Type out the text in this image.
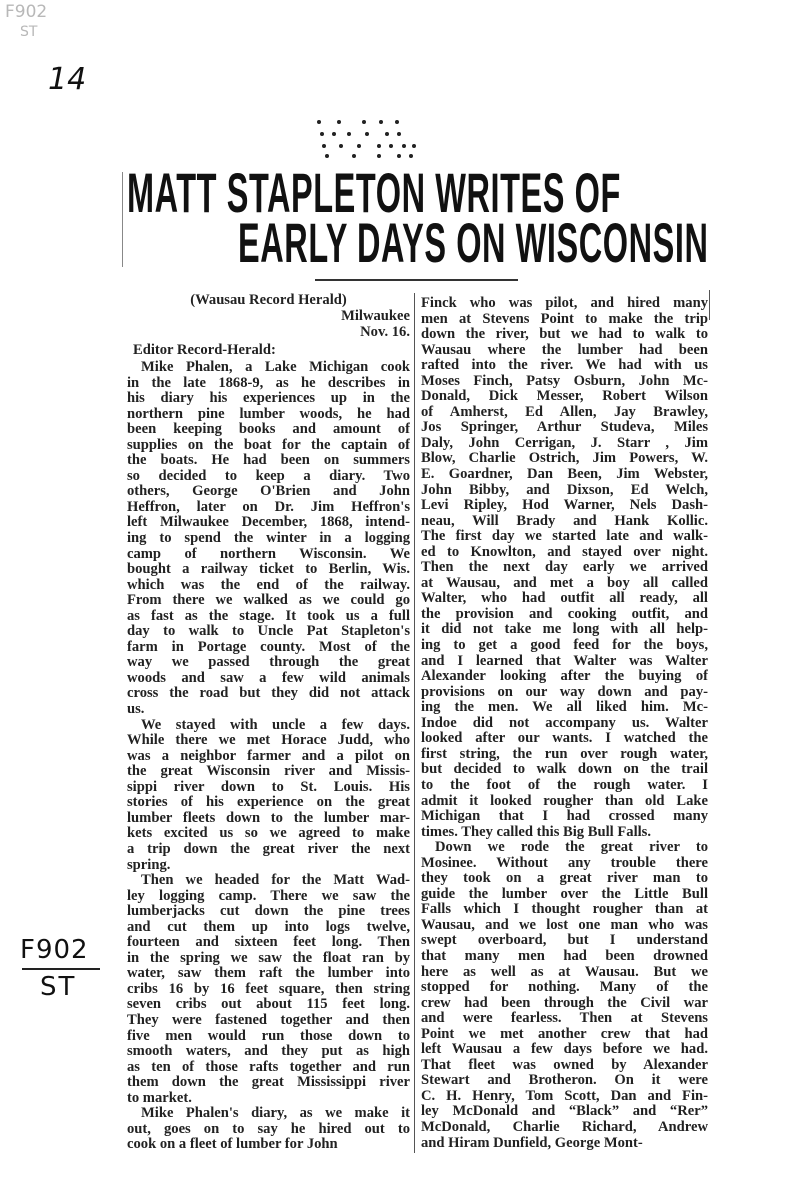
F902
ST
14
MATT STAPLETON WRITES OF
EARLY DAYS ON WISCONSIN
(Wausau Record Herald)
Milwaukee
Nov. 16.
Editor Record-Herald:
Mike Phalen, a Lake Michigan cook
in the late 1868-9, as he describes in
his diary his experiences up in the
northern pine lumber woods, he had
been keeping books and amount of
supplies on the boat for the captain of
the boats. He had been on summers
so decided to keep a diary. Two
others, George O'Brien and John
Heffron, later on Dr. Jim Heffron's
left Milwaukee December, 1868, intend-
ing to spend the winter in a logging
camp of northern Wisconsin. We
bought a railway ticket to Berlin, Wis.
which was the end of the railway.
From there we walked as we could go
as fast as the stage. It took us a full
day to walk to Uncle Pat Stapleton's
farm in Portage county. Most of the
way we passed through the great
woods and saw a few wild animals
cross the road but they did not attack
us.
We stayed with uncle a few days.
While there we met Horace Judd, who
was a neighbor farmer and a pilot on
the great Wisconsin river and Missis-
sippi river down to St. Louis. His
stories of his experience on the great
lumber fleets down to the lumber mar-
kets excited us so we agreed to make
a trip down the great river the next
spring.
Then we headed for the Matt Wad-
ley logging camp. There we saw the
lumberjacks cut down the pine trees
and cut them up into logs twelve,
fourteen and sixteen feet long. Then
in the spring we saw the float ran by
water, saw them raft the lumber into
cribs 16 by 16 feet square, then string
seven cribs out about 115 feet long.
They were fastened together and then
five men would run those down to
smooth waters, and they put as high
as ten of those rafts together and run
them down the great Mississippi river
to market.
Mike Phalen's diary, as we make it
out, goes on to say he hired out to
cook on a fleet of lumber for John
Finck who was pilot, and hired many
men at Stevens Point to make the trip
down the river, but we had to walk to
Wausau where the lumber had been
rafted into the river. We had with us
Moses Finch, Patsy Osburn, John Mc-
Donald, Dick Messer, Robert Wilson
of Amherst, Ed Allen, Jay Brawley,
Jos Springer, Arthur Studeva, Miles
Daly, John Cerrigan, J. Starr , Jim
Blow, Charlie Ostrich, Jim Powers, W.
E. Goardner, Dan Been, Jim Webster,
John Bibby, and Dixson, Ed Welch,
Levi Ripley, Hod Warner, Nels Dash-
neau, Will Brady and Hank Kollic.
The first day we started late and walk-
ed to Knowlton, and stayed over night.
Then the next day early we arrived
at Wausau, and met a boy all called
Walter, who had outfit all ready, all
the provision and cooking outfit, and
it did not take me long with all help-
ing to get a good feed for the boys,
and I learned that Walter was Walter
Alexander looking after the buying of
provisions on our way down and pay-
ing the men. We all liked him. Mc-
Indoe did not accompany us. Walter
looked after our wants. I watched the
first string, the run over rough water,
but decided to walk down on the trail
to the foot of the rough water. I
admit it looked rougher than old Lake
Michigan that I had crossed many
times. They called this Big Bull Falls.
Down we rode the great river to
Mosinee. Without any trouble there
they took on a great river man to
guide the lumber over the Little Bull
Falls which I thought rougher than at
Wausau, and we lost one man who was
swept overboard, but I understand
that many men had been drowned
here as well as at Wausau. But we
stopped for nothing. Many of the
crew had been through the Civil war
and were fearless. Then at Stevens
Point we met another crew that had
left Wausau a few days before we had.
That fleet was owned by Alexander
Stewart and Brotheron. On it were
C. H. Henry, Tom Scott, Dan and Fin-
ley McDonald and “Black” and “Rer”
McDonald, Charlie Richard, Andrew
and Hiram Dunfield, George Mont-
F902
ST
